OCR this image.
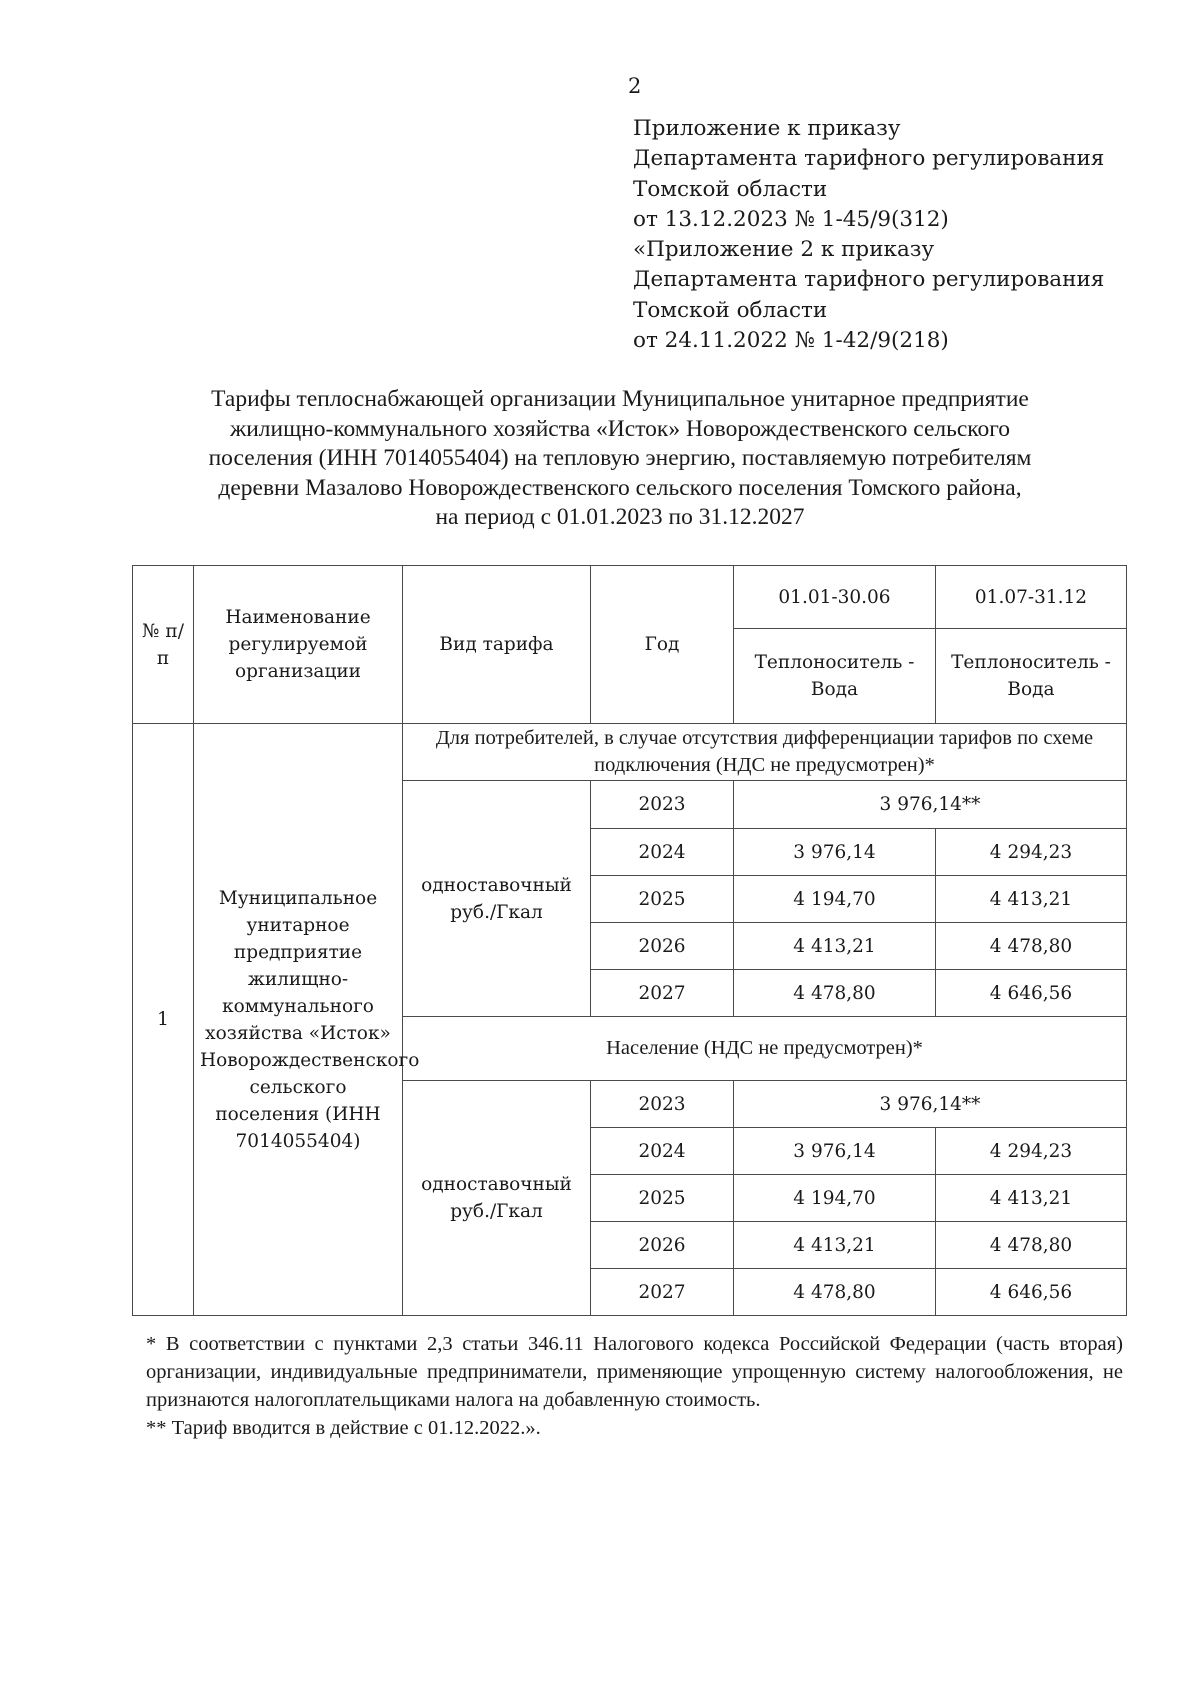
2
Приложение к приказу
Департамента тарифного регулирования
Томской области
от 13.12.2023 № 1-45/9(312)
«Приложение 2 к приказу
Департамента тарифного регулирования
Томской области
от 24.11.2022 № 1-42/9(218)
Тарифы теплоснабжающей организации Муниципальное унитарное предприятие
жилищно-коммунального хозяйства «Исток» Новорождественского сельского
поселения (ИНН 7014055404) на тепловую энергию, поставляемую потребителям
деревни Мазалово Новорождественского сельского поселения Томского района,
на период с 01.01.2023 по 31.12.2027
№ п/п	Наименование регулируемой организации	Вид тарифа	Год	01.01-30.06	01.07-31.12
				Теплоноситель - Вода	Теплоноситель - Вода
1	Муниципальное унитарное предприятие жилищно-коммунального хозяйства «Исток» Новорождественского сельского поселения (ИНН 7014055404)	Для потребителей, в случае отсутствия дифференциации тарифов по схеме подключения (НДС не предусмотрен)*			
		одноставочный руб./Гкал	2023	3 976,14**	
			2024	3 976,14	4 294,23
			2025	4 194,70	4 413,21
			2026	4 413,21	4 478,80
			2027	4 478,80	4 646,56
		Население (НДС не предусмотрен)*			
		одноставочный руб./Гкал	2023	3 976,14**	
			2024	3 976,14	4 294,23
			2025	4 194,70	4 413,21
			2026	4 413,21	4 478,80
			2027	4 478,80	4 646,56

* В соответствии с пунктами 2,3 статьи 346.11 Налогового кодекса Российской Федерации (часть вторая) организации, индивидуальные предприниматели, применяющие упрощенную систему налогообложения, не признаются налогоплательщиками налога на добавленную стоимость.

** Тариф вводится в действие с 01.12.2022.».
